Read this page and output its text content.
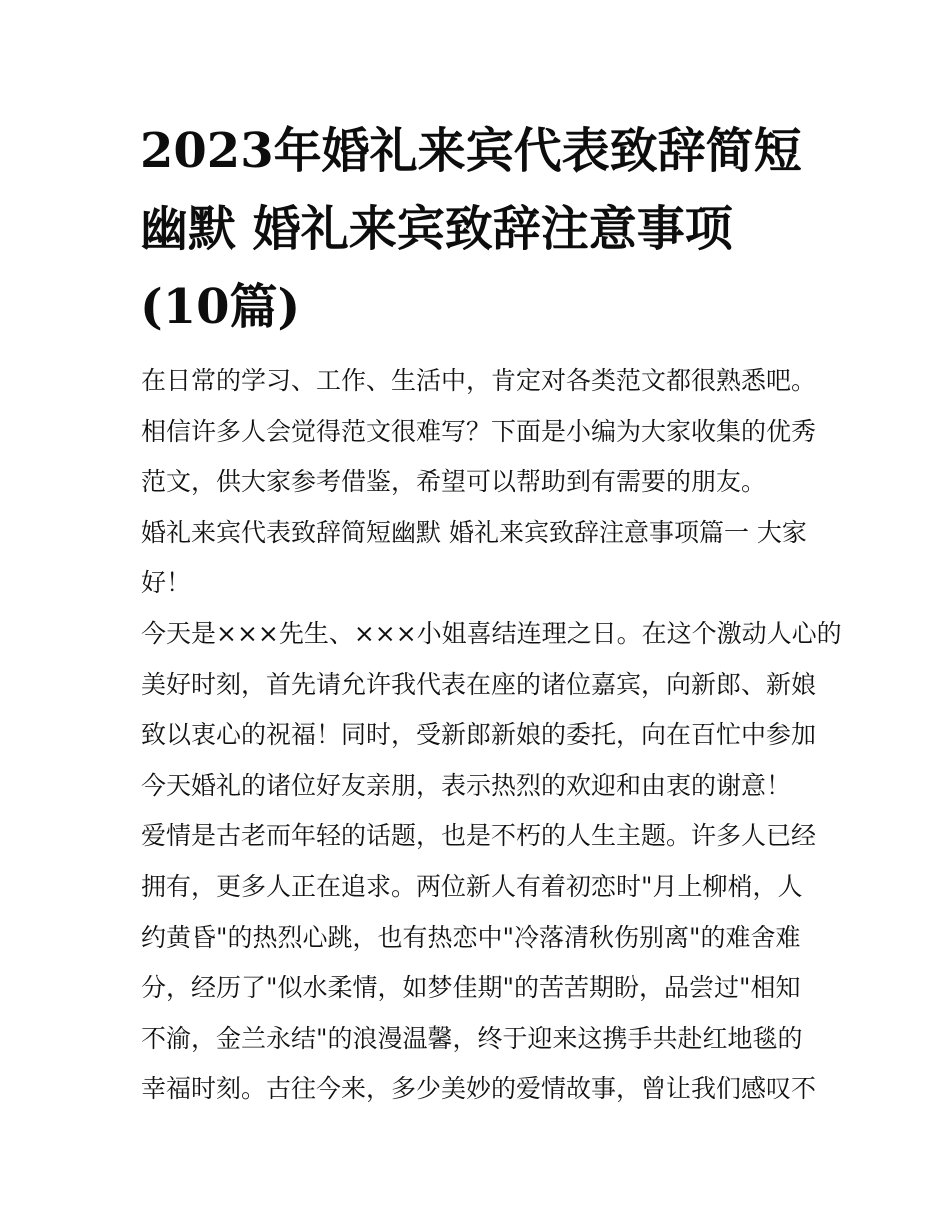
2023年婚礼来宾代表致辞简短
幽默 婚礼来宾致辞注意事项
(10篇)
在日常的学习、工作、生活中，肯定对各类范文都很熟悉吧。
相信许多人会觉得范文很难写？下面是小编为大家收集的优秀
范文，供大家参考借鉴，希望可以帮助到有需要的朋友。
婚礼来宾代表致辞简短幽默 婚礼来宾致辞注意事项篇一 大家
好！
今天是×××先生、×××小姐喜结连理之日。在这个激动人心的
美好时刻，首先请允许我代表在座的诸位嘉宾，向新郎、新娘
致以衷心的祝福！同时，受新郎新娘的委托，向在百忙中参加
今天婚礼的诸位好友亲朋，表示热烈的欢迎和由衷的谢意！
爱情是古老而年轻的话题，也是不朽的人生主题。许多人已经
拥有，更多人正在追求。两位新人有着初恋时"月上柳梢，人
约黄昏"的热烈心跳，也有热恋中"冷落清秋伤别离"的难舍难
分，经历了"似水柔情，如梦佳期"的苦苦期盼，品尝过"相知
不渝，金兰永结"的浪漫温馨，终于迎来这携手共赴红地毯的
幸福时刻。古往今来，多少美妙的爱情故事，曾让我们感叹不
